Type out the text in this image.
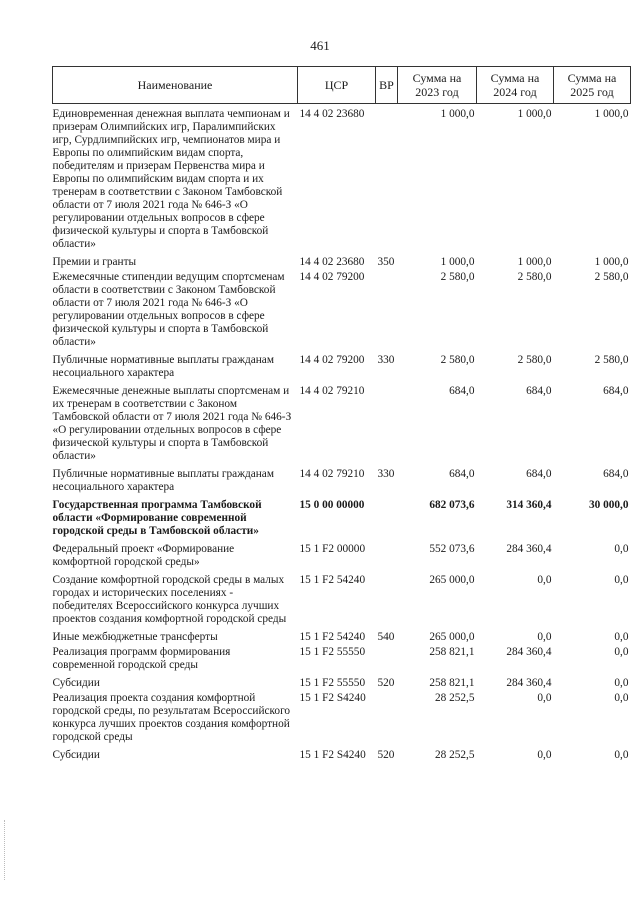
461
Наименование	ЦСР	ВР	Сумма на 2023 год	Сумма на 2024 год	Сумма на 2025 год
Единовременная денежная выплата чемпионам и призерам Олимпийских игр, Паралимпийских игр, Сурдлимпийских игр, чемпионатов мира и Европы по олимпийским видам спорта, победителям и призерам Первенства мира и Европы по олимпийским видам спорта и их тренерам в соответствии с Законом Тамбовской области от 7 июля 2021 года № 646-З «О регулировании отдельных вопросов в сфере физической культуры и спорта в Тамбовской области»	14 4 02 23680		1 000,0	1 000,0	1 000,0
Премии и гранты	14 4 02 23680	350	1 000,0	1 000,0	1 000,0
Ежемесячные стипендии ведущим спортсменам области в соответствии с Законом Тамбовской области от 7 июля 2021 года № 646-З «О регулировании отдельных вопросов в сфере физической культуры и спорта в Тамбовской области»	14 4 02 79200		2 580,0	2 580,0	2 580,0
Публичные нормативные выплаты гражданам несоциального характера	14 4 02 79200	330	2 580,0	2 580,0	2 580,0
Ежемесячные денежные выплаты спортсменам и их тренерам в соответствии с Законом Тамбовской области от 7 июля 2021 года № 646-З «О регулировании отдельных вопросов в сфере физической культуры и спорта в Тамбовской области»	14 4 02 79210		684,0	684,0	684,0
Публичные нормативные выплаты гражданам несоциального характера	14 4 02 79210	330	684,0	684,0	684,0
Государственная программа Тамбовской области «Формирование современной городской среды в Тамбовской области»	15 0 00 00000		682 073,6	314 360,4	30 000,0
Федеральный проект «Формирование комфортной городской среды»	15 1 F2 00000		552 073,6	284 360,4	0,0
Создание комфортной городской среды в малых городах и исторических поселениях - победителях Всероссийского конкурса лучших проектов создания комфортной городской среды	15 1 F2 54240		265 000,0	0,0	0,0
Иные межбюджетные трансферты	15 1 F2 54240	540	265 000,0	0,0	0,0
Реализация программ формирования современной городской среды	15 1 F2 55550		258 821,1	284 360,4	0,0
Субсидии	15 1 F2 55550	520	258 821,1	284 360,4	0,0
Реализация проекта создания комфортной городской среды, по результатам Всероссийского конкурса лучших проектов создания комфортной городской среды	15 1 F2 S4240		28 252,5	0,0	0,0
Субсидии	15 1 F2 S4240	520	28 252,5	0,0	0,0
